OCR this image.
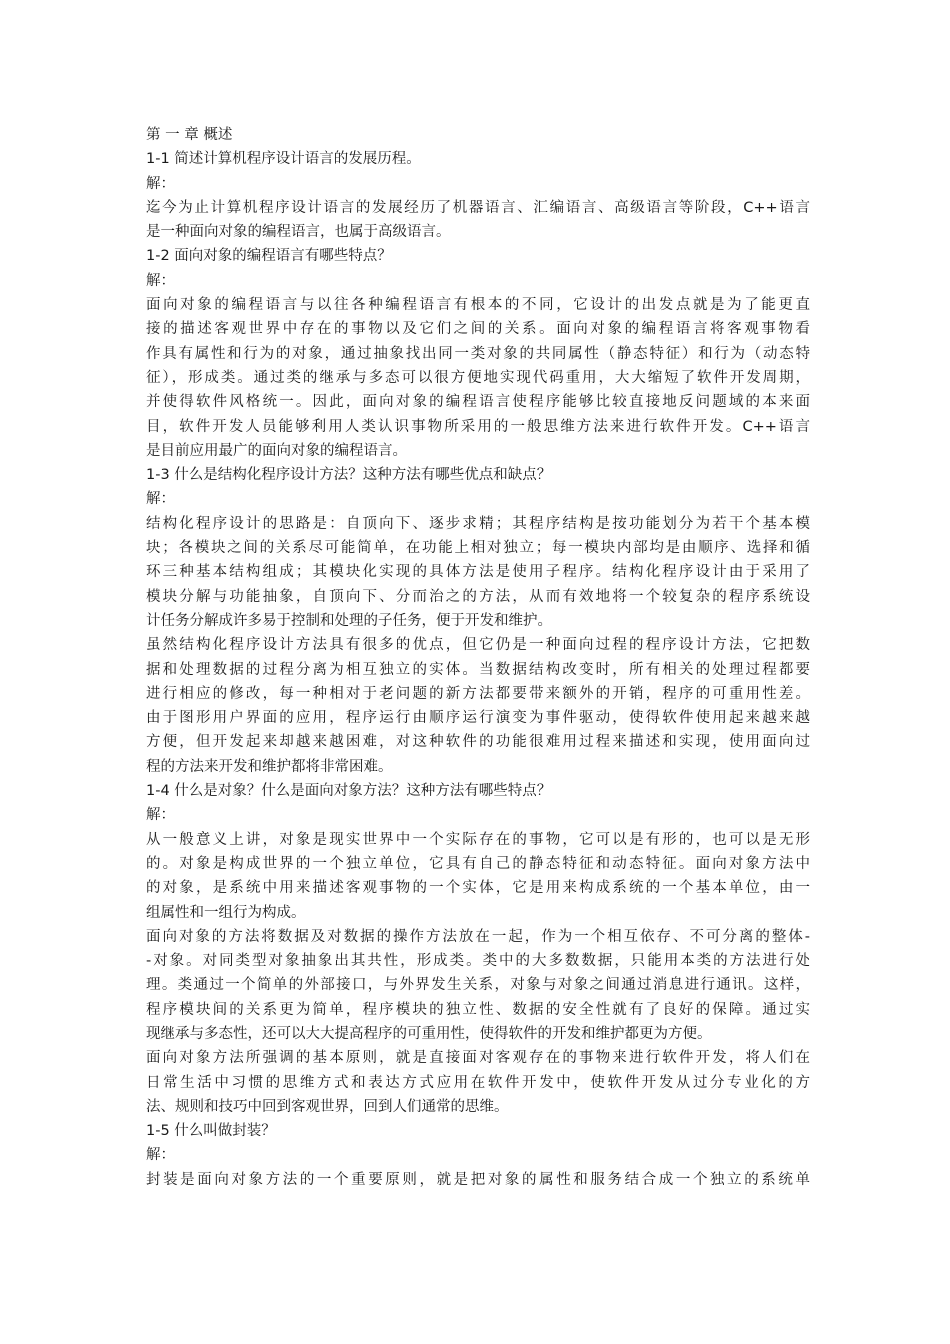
第 一 章 概述
1-1 简述计算机程序设计语言的发展历程。
解：
迄今为止计算机程序设计语言的发展经历了机器语言、汇编语言、高级语言等阶段，C++语言
是一种面向对象的编程语言，也属于高级语言。
1-2 面向对象的编程语言有哪些特点？
解：
面向对象的编程语言与以往各种编程语言有根本的不同，它设计的出发点就是为了能更直
接的描述客观世界中存在的事物以及它们之间的关系。面向对象的编程语言将客观事物看
作具有属性和行为的对象，通过抽象找出同一类对象的共同属性（静态特征）和行为（动态特
征），形成类。通过类的继承与多态可以很方便地实现代码重用，大大缩短了软件开发周期，
并使得软件风格统一。因此，面向对象的编程语言使程序能够比较直接地反问题域的本来面
目，软件开发人员能够利用人类认识事物所采用的一般思维方法来进行软件开发。C++语言
是目前应用最广的面向对象的编程语言。
1-3 什么是结构化程序设计方法？这种方法有哪些优点和缺点？
解：
结构化程序设计的思路是：自顶向下、逐步求精；其程序结构是按功能划分为若干个基本模
块；各模块之间的关系尽可能简单，在功能上相对独立；每一模块内部均是由顺序、选择和循
环三种基本结构组成；其模块化实现的具体方法是使用子程序。结构化程序设计由于采用了
模块分解与功能抽象，自顶向下、分而治之的方法，从而有效地将一个较复杂的程序系统设
计任务分解成许多易于控制和处理的子任务，便于开发和维护。
虽然结构化程序设计方法具有很多的优点，但它仍是一种面向过程的程序设计方法，它把数
据和处理数据的过程分离为相互独立的实体。当数据结构改变时，所有相关的处理过程都要
进行相应的修改，每一种相对于老问题的新方法都要带来额外的开销，程序的可重用性差。
由于图形用户界面的应用，程序运行由顺序运行演变为事件驱动，使得软件使用起来越来越
方便，但开发起来却越来越困难，对这种软件的功能很难用过程来描述和实现，使用面向过
程的方法来开发和维护都将非常困难。
1-4 什么是对象？什么是面向对象方法？这种方法有哪些特点？
解：
从一般意义上讲，对象是现实世界中一个实际存在的事物，它可以是有形的，也可以是无形
的。对象是构成世界的一个独立单位，它具有自己的静态特征和动态特征。面向对象方法中
的对象，是系统中用来描述客观事物的一个实体，它是用来构成系统的一个基本单位，由一
组属性和一组行为构成。
面向对象的方法将数据及对数据的操作方法放在一起，作为一个相互依存、不可分离的整体-
-对象。对同类型对象抽象出其共性，形成类。类中的大多数数据，只能用本类的方法进行处
理。类通过一个简单的外部接口，与外界发生关系，对象与对象之间通过消息进行通讯。这样，
程序模块间的关系更为简单，程序模块的独立性、数据的安全性就有了良好的保障。通过实
现继承与多态性，还可以大大提高程序的可重用性，使得软件的开发和维护都更为方便。
面向对象方法所强调的基本原则，就是直接面对客观存在的事物来进行软件开发，将人们在
日常生活中习惯的思维方式和表达方式应用在软件开发中，使软件开发从过分专业化的方
法、规则和技巧中回到客观世界，回到人们通常的思维。
1-5 什么叫做封装？
解：
封装是面向对象方法的一个重要原则，就是把对象的属性和服务结合成一个独立的系统单
